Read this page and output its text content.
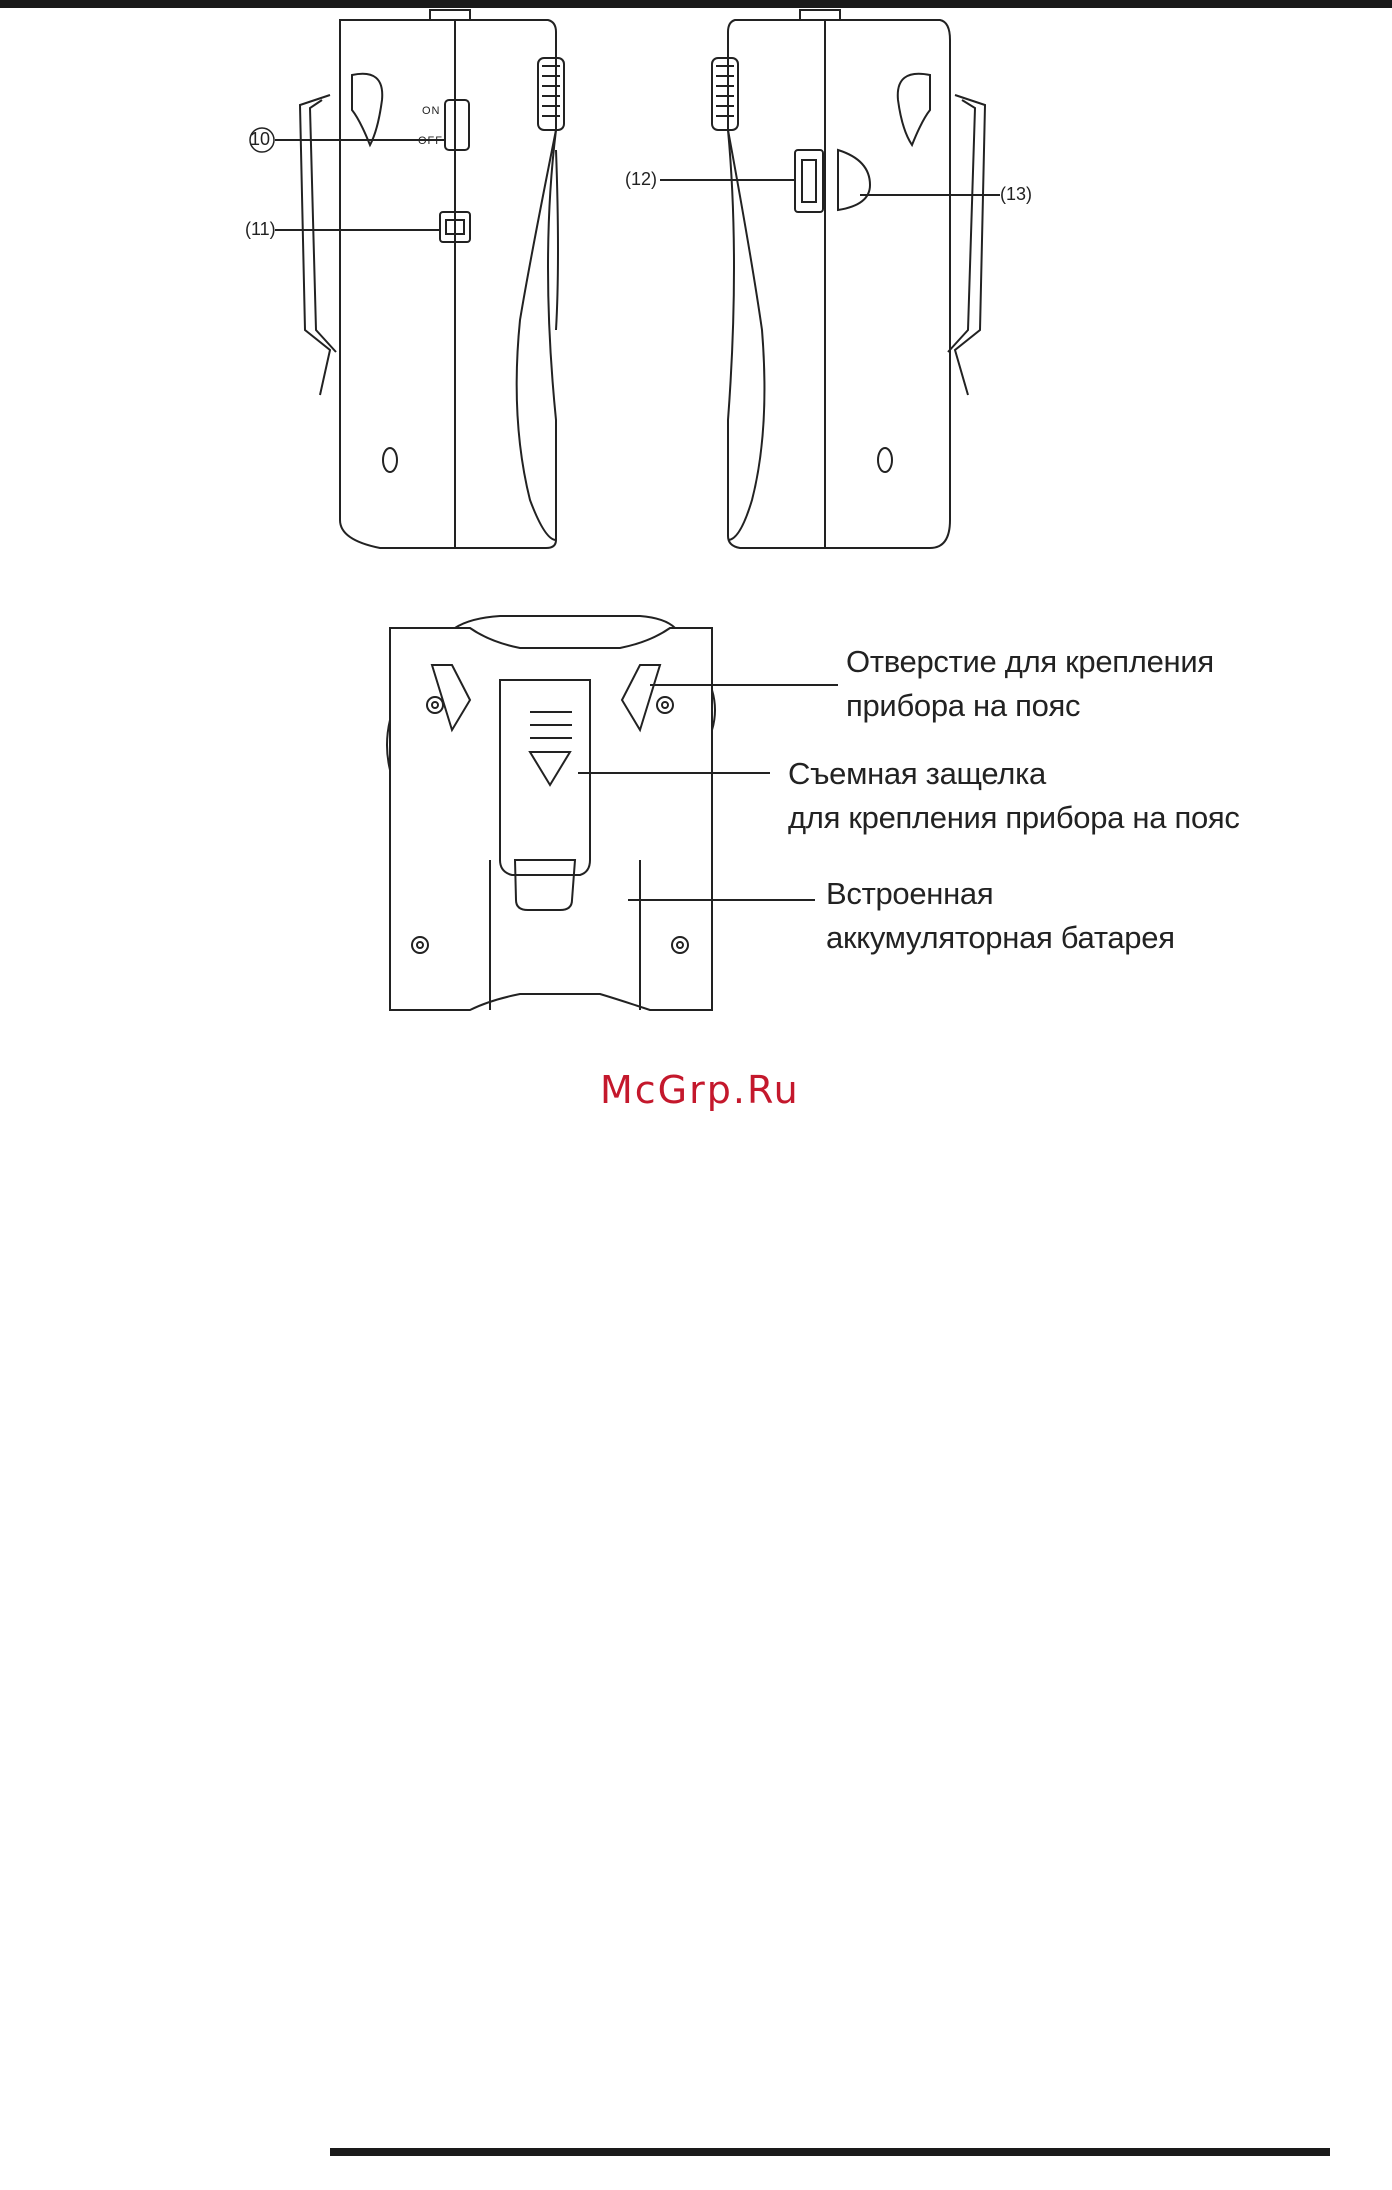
10
(11)
(12)
(13)
ON
OFF
Отверстие для крепления
прибора на пояс
Съемная защелка
для крепления прибора на пояс
Встроенная
аккумуляторная батарея
McGrp.Ru
